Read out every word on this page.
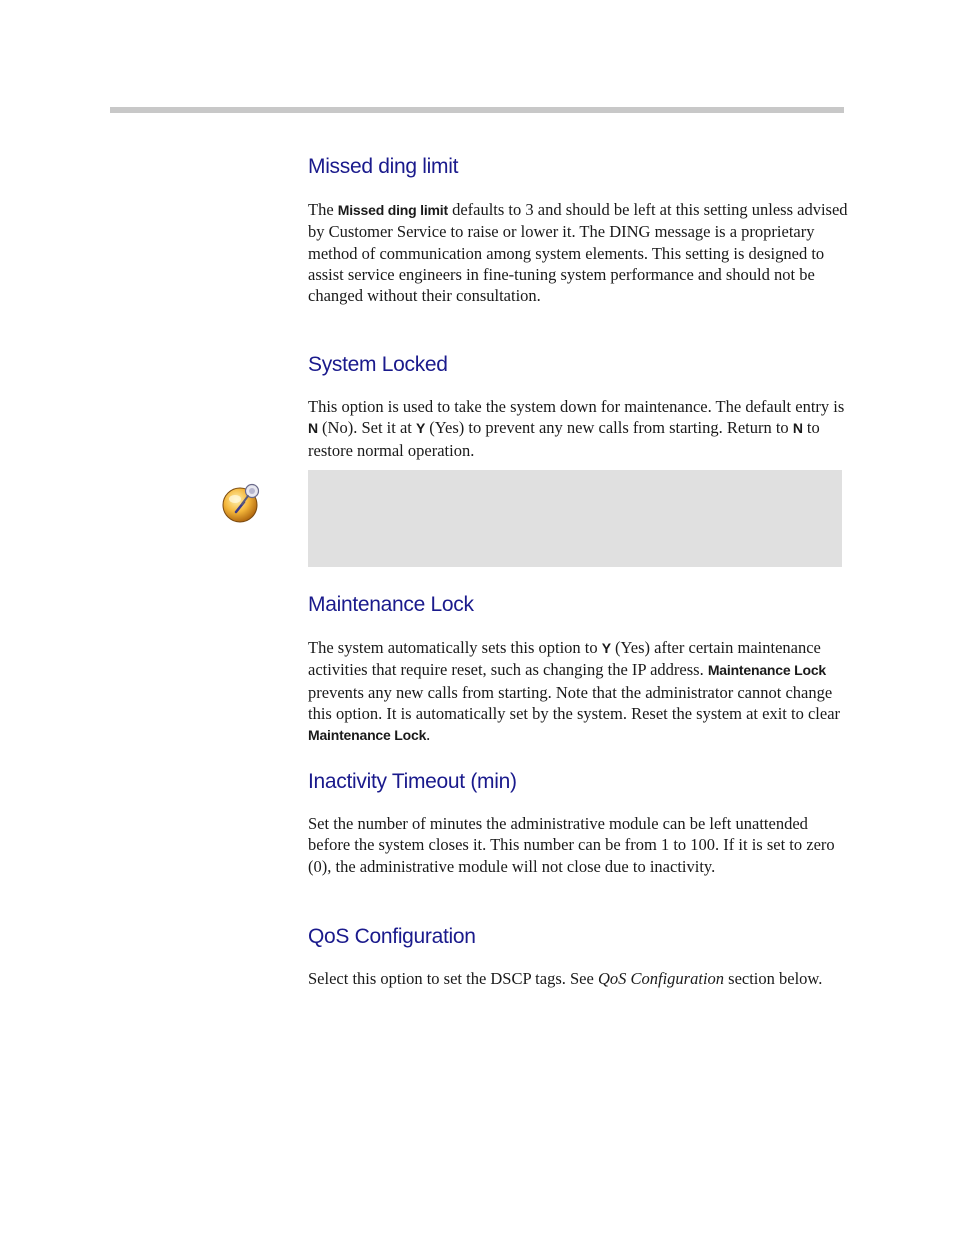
Missed ding limit

The Missed ding limit defaults to 3 and should be left at this setting unless advised by Customer Service to raise or lower it. The DING message is a proprietary method of communication among system elements. This setting is designed to assist service engineers in fine-tuning system performance and should not be changed without their consultation.

System Locked

This option is used to take the system down for maintenance. The default entry is N (No). Set it at Y (Yes) to prevent any new calls from starting. Return to N to restore normal operation.

Maintenance Lock

The system automatically sets this option to Y (Yes) after certain maintenance activities that require reset, such as changing the IP address. Maintenance Lock prevents any new calls from starting. Note that the administrator cannot change this option. It is automatically set by the system. Reset the system at exit to clear Maintenance Lock.

Inactivity Timeout (min)

Set the number of minutes the administrative module can be left unattended before the system closes it. This number can be from 1 to 100. If it is set to zero (0), the administrative module will not close due to inactivity.

QoS Configuration

Select this option to set the DSCP tags. See QoS Configuration section below.
